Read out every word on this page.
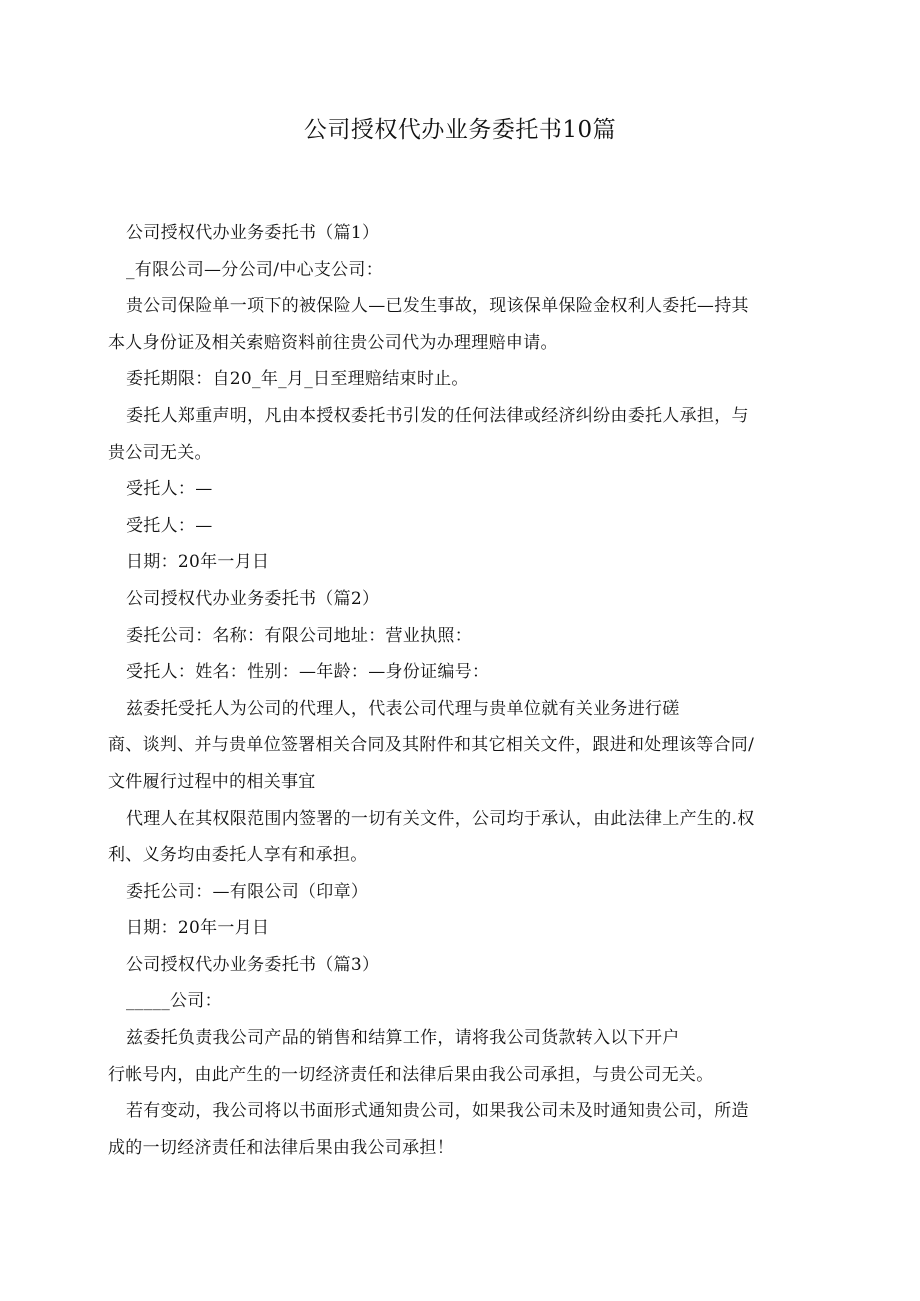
公司授权代办业务委托书10篇
公司授权代办业务委托书（篇1）
_有限公司—分公司/中心支公司：
贵公司保险单一项下的被保险人—已发生事故，现该保单保险金权利人委托—持其
本人身份证及相关索赔资料前往贵公司代为办理理赔申请。
委托期限：自20_年_月_日至理赔结束时止。
委托人郑重声明，凡由本授权委托书引发的任何法律或经济纠纷由委托人承担，与
贵公司无关。
受托人：—
受托人：—
日期：20年一月日
公司授权代办业务委托书（篇2）
委托公司：名称：有限公司地址：营业执照：
受托人：姓名：性别：—年龄：—身份证编号：
兹委托受托人为公司的代理人，代表公司代理与贵单位就有关业务进行磋
商、谈判、并与贵单位签署相关合同及其附件和其它相关文件，跟进和处理该等合同/
文件履行过程中的相关事宜
代理人在其权限范围内签署的一切有关文件，公司均于承认，由此法律上产生的.权
利、义务均由委托人享有和承担。
委托公司：—有限公司（印章）
日期：20年一月日
公司授权代办业务委托书（篇3）
_____公司：
兹委托负责我公司产品的销售和结算工作，请将我公司货款转入以下开户
行帐号内，由此产生的一切经济责任和法律后果由我公司承担，与贵公司无关。
若有变动，我公司将以书面形式通知贵公司，如果我公司未及时通知贵公司，所造
成的一切经济责任和法律后果由我公司承担！
